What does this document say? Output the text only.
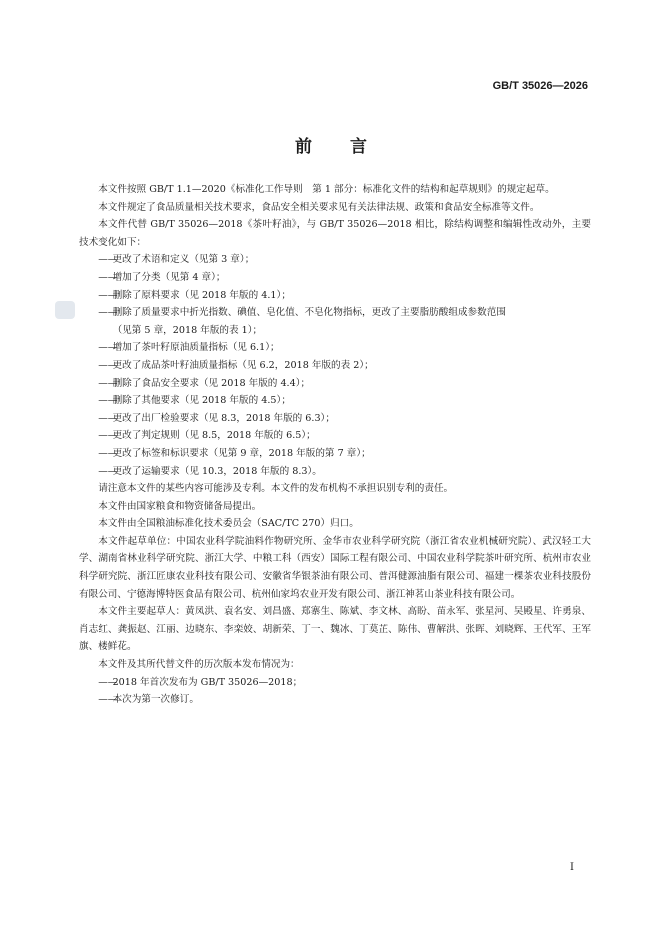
GB/T 35026—2026
前 言

本文件按照 GB/T 1.1—2020《标准化工作导则　第 1 部分：标准化文件的结构和起草规则》的规定起草。

本文件规定了食品质量相关技术要求，食品安全相关要求见有关法律法规、政策和食品安全标准等文件。

本文件代替 GB/T 35026—2018《茶叶籽油》，与 GB/T 35026—2018 相比，除结构调整和编辑性改动外，主要技术变化如下：

——更改了术语和定义（见第 3 章）；

——增加了分类（见第 4 章）；

——删除了原料要求（见 2018 年版的 4.1）；

——删除了质量要求中折光指数、碘值、皂化值、不皂化物指标，更改了主要脂肪酸组成参数范围

（见第 5 章，2018 年版的表 1）；

——增加了茶叶籽原油质量指标（见 6.1）；

——更改了成品茶叶籽油质量指标（见 6.2，2018 年版的表 2）；

——删除了食品安全要求（见 2018 年版的 4.4）；

——删除了其他要求（见 2018 年版的 4.5）；

——更改了出厂检验要求（见 8.3，2018 年版的 6.3）；

——更改了判定规则（见 8.5，2018 年版的 6.5）；

——更改了标签和标识要求（见第 9 章，2018 年版的第 7 章）；

——更改了运输要求（见 10.3，2018 年版的 8.3）。

请注意本文件的某些内容可能涉及专利。本文件的发布机构不承担识别专利的责任。

本文件由国家粮食和物资储备局提出。

本文件由全国粮油标准化技术委员会（SAC/TC 270）归口。

本文件起草单位：中国农业科学院油料作物研究所、金华市农业科学研究院（浙江省农业机械研究院）、武汉轻工大学、湖南省林业科学研究院、浙江大学、中粮工科（西安）国际工程有限公司、中国农业科学院茶叶研究所、杭州市农业科学研究院、浙江匠康农业科技有限公司、安徽省华银茶油有限公司、普洱健源油脂有限公司、福建一棵茶农业科技股份有限公司、宁德海博特医食品有限公司、杭州仙家坞农业开发有限公司、浙江神茗山茶业科技有限公司。

本文件主要起草人：黄凤洪、袁名安、刘昌盛、郑寨生、陈斌、李文林、高盼、苗永军、张星河、吴殿星、许勇泉、肖志红、龚振赵、江丽、边晓东、李栾姣、胡新荣、丁一、魏冰、丁莫芷、陈伟、曹解洪、张晖、刘晓辉、王代军、王军旗、楼鲜花。

本文件及其所代替文件的历次版本发布情况为：

——2018 年首次发布为 GB/T 35026—2018；

——本次为第一次修订。

I
